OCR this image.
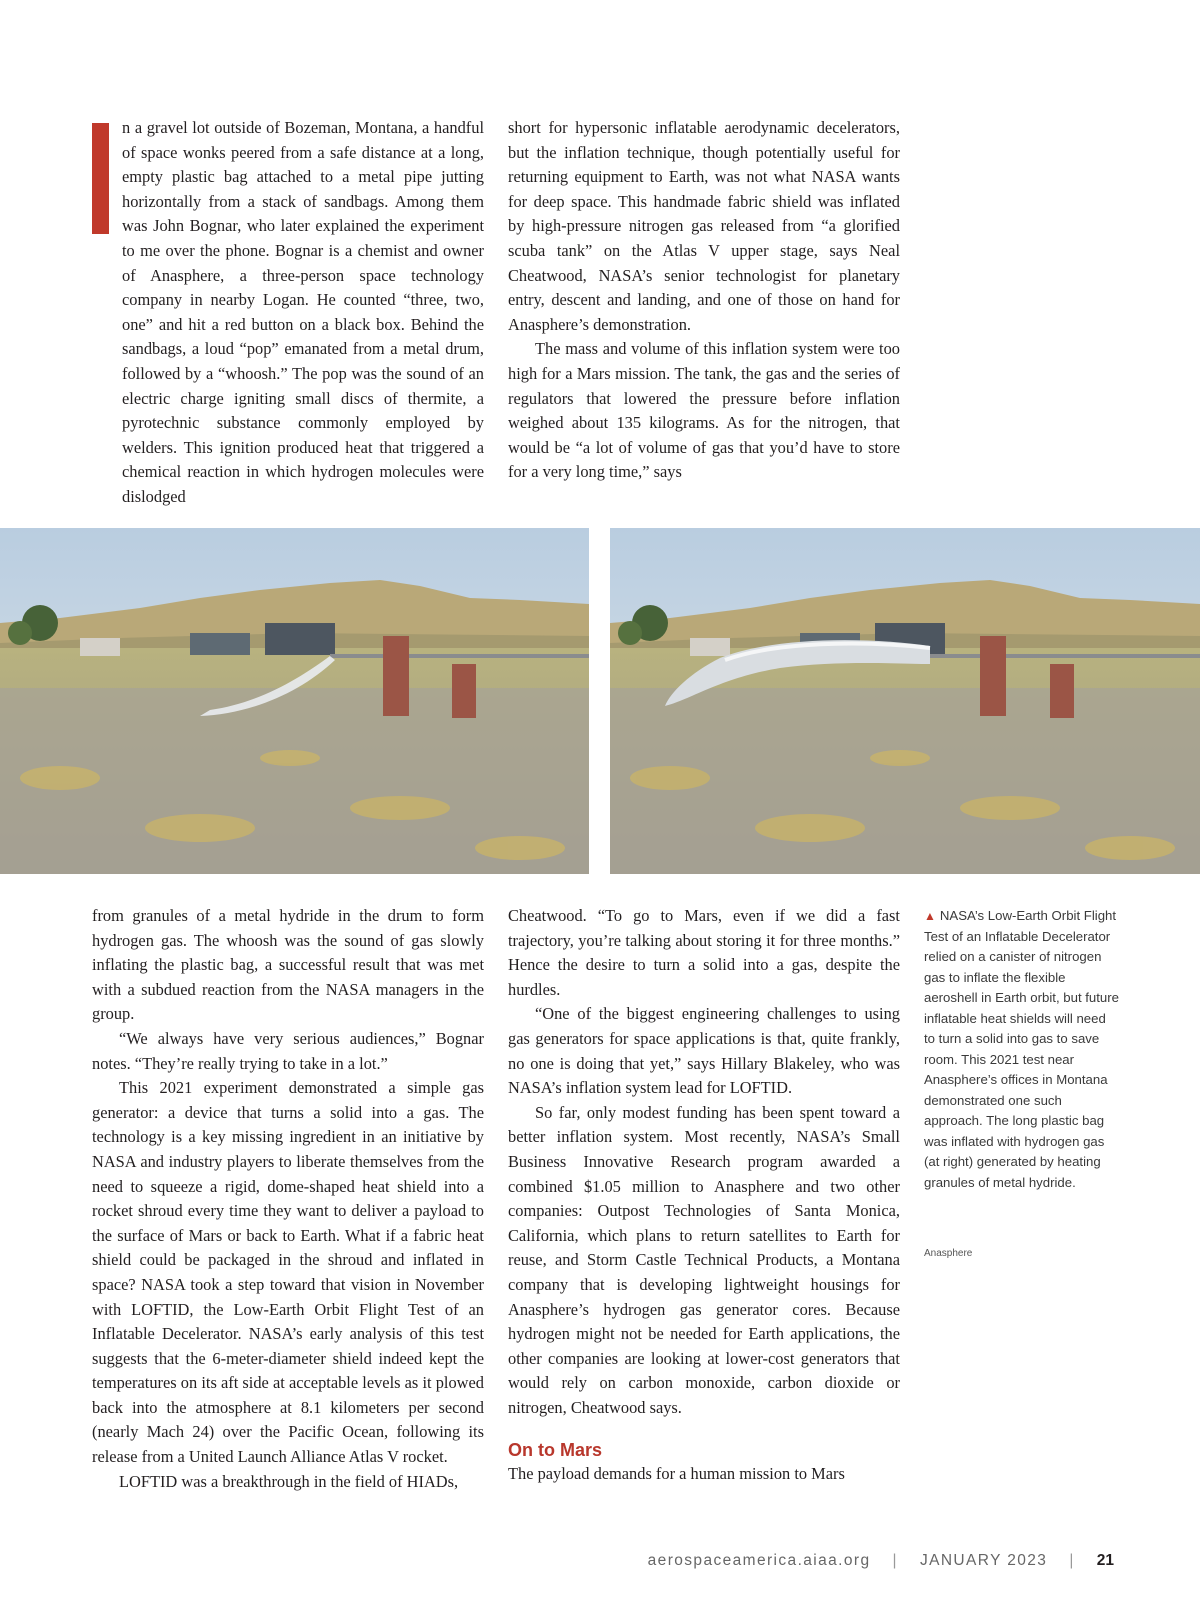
n a gravel lot outside of Bozeman, Montana, a handful of space wonks peered from a safe distance at a long, empty plastic bag attached to a metal pipe jutting horizontally from a stack of sandbags. Among them was John Bognar, who later explained the experiment to me over the phone. Bognar is a chemist and owner of Anasphere, a three-person space technology company in nearby Logan. He counted “three, two, one” and hit a red button on a black box. Behind the sandbags, a loud “pop” emanated from a metal drum, followed by a “whoosh.” The pop was the sound of an electric charge igniting small discs of thermite, a pyrotechnic substance commonly employed by welders. This ignition produced heat that triggered a chemical reaction in which hydrogen molecules were dislodged

short for hypersonic inflatable aerodynamic decelerators, but the inflation technique, though potentially useful for returning equipment to Earth, was not what NASA wants for deep space. This handmade fabric shield was inflated by high-pressure nitrogen gas released from “a glorified scuba tank” on the Atlas V upper stage, says Neal Cheatwood, NASA’s senior technologist for planetary entry, descent and landing, and one of those on hand for Anasphere’s demonstration.

The mass and volume of this inflation system were too high for a Mars mission. The tank, the gas and the series of regulators that lowered the pressure before inflation weighed about 135 kilograms. As for the nitrogen, that would be “a lot of volume of gas that you’d have to store for a very long time,” says

from granules of a metal hydride in the drum to form hydrogen gas. The whoosh was the sound of gas slowly inflating the plastic bag, a successful result that was met with a subdued reaction from the NASA managers in the group.

“We always have very serious audiences,” Bognar notes. “They’re really trying to take in a lot.”

This 2021 experiment demonstrated a simple gas generator: a device that turns a solid into a gas. The technology is a key missing ingredient in an initiative by NASA and industry players to liberate themselves from the need to squeeze a rigid, dome-shaped heat shield into a rocket shroud every time they want to deliver a payload to the surface of Mars or back to Earth. What if a fabric heat shield could be packaged in the shroud and inflated in space? NASA took a step toward that vision in November with LOFTID, the Low-Earth Orbit Flight Test of an Inflatable Decelerator. NASA’s early analysis of this test suggests that the 6-meter-diameter shield indeed kept the temperatures on its aft side at acceptable levels as it plowed back into the atmosphere at 8.1 kilometers per second (nearly Mach 24) over the Pacific Ocean, following its release from a United Launch Alliance Atlas V rocket.

LOFTID was a breakthrough in the field of HIADs,

Cheatwood. “To go to Mars, even if we did a fast trajectory, you’re talking about storing it for three months.” Hence the desire to turn a solid into a gas, despite the hurdles.

“One of the biggest engineering challenges to using gas generators for space applications is that, quite frankly, no one is doing that yet,” says Hillary Blakeley, who was NASA’s inflation system lead for LOFTID.

So far, only modest funding has been spent toward a better inflation system. Most recently, NASA’s Small Business Innovative Research program awarded a combined $1.05 million to Anasphere and two other companies: Outpost Technologies of Santa Monica, California, which plans to return satellites to Earth for reuse, and Storm Castle Technical Products, a Montana company that is developing lightweight housings for Anasphere’s hydrogen gas generator cores. Because hydrogen might not be needed for Earth applications, the other companies are looking at lower-cost generators that would rely on carbon monoxide, carbon dioxide or nitrogen, Cheatwood says.

On to Mars

The payload demands for a human mission to Mars

▲ NASA’s Low-Earth Orbit Flight Test of an Inflatable Decelerator relied on a canister of nitrogen gas to inflate the flexible aeroshell in Earth orbit, but future inflatable heat shields will need to turn a solid into gas to save room. This 2021 test near Anasphere’s offices in Montana demonstrated one such approach. The long plastic bag was inflated with hydrogen gas (at right) generated by heating granules of metal hydride.
Anasphere
aerospaceamerica.aiaa.org | JANUARY 2023 | 21
